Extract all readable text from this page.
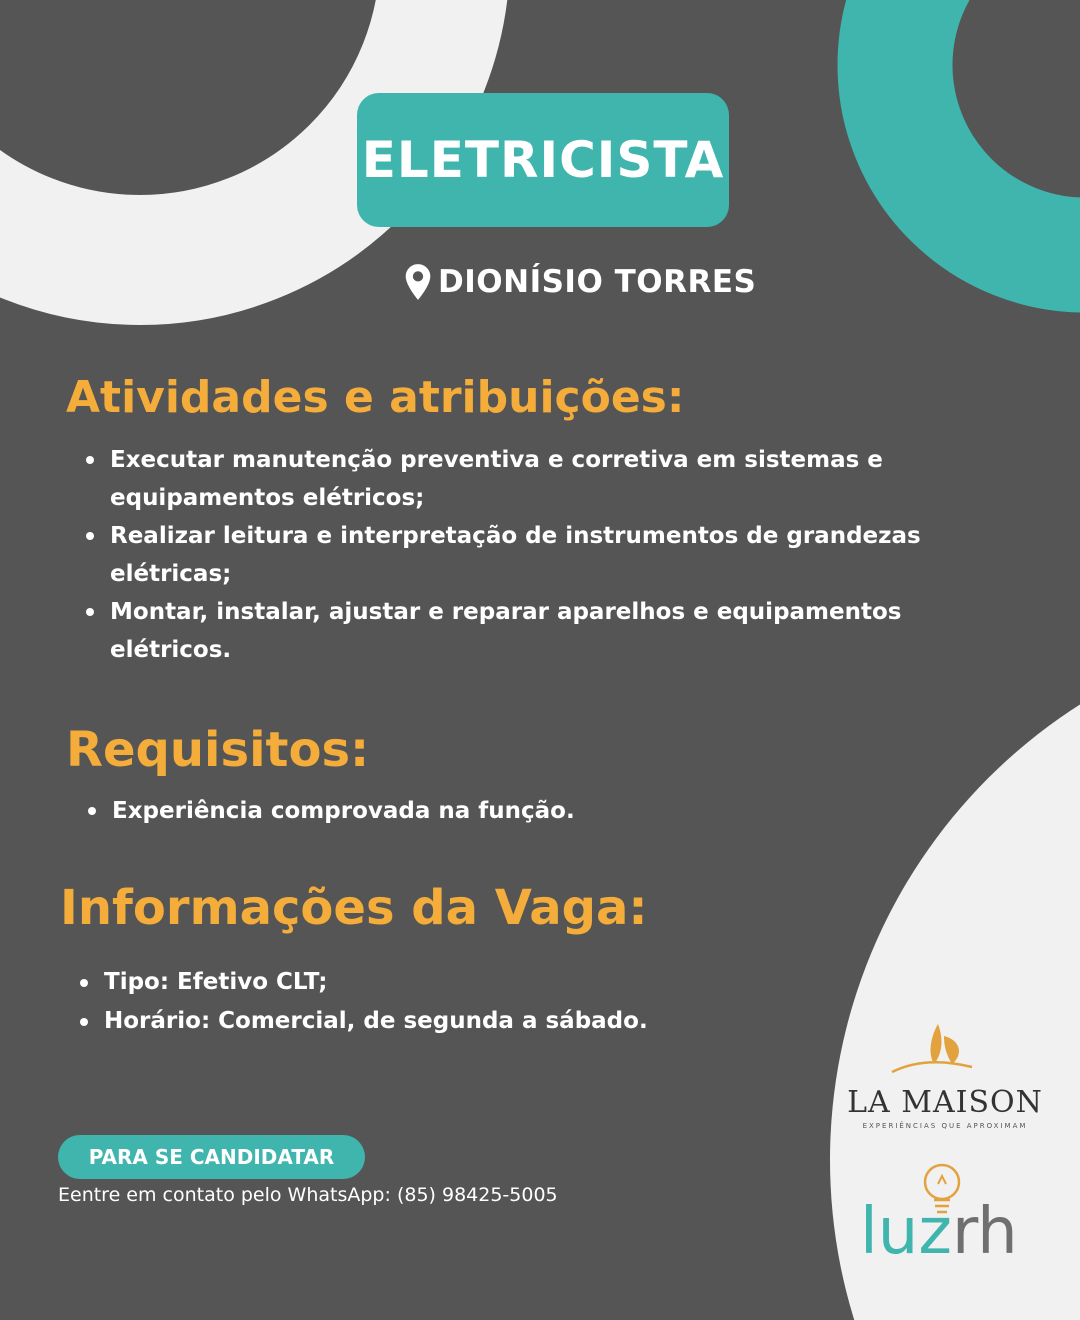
ELETRICISTA
DIONÍSIO TORRES
Atividades e atribuições:
Executar manutenção preventiva e corretiva em sistemas e equipamentos elétricos;
Realizar leitura e interpretação de instrumentos de grandezas elétricas;
Montar, instalar, ajustar e reparar aparelhos e equipamentos elétricos.
Requisitos:
Experiência comprovada na função.
Informações da Vaga:
Tipo: Efetivo CLT;
Horário: Comercial, de segunda a sábado.
PARA SE CANDIDATAR
Eentre em contato pelo WhatsApp: (85) 98425-5005
LA MAISON
EXPERIÊNCIAS QUE APROXIMAM
luzrh
